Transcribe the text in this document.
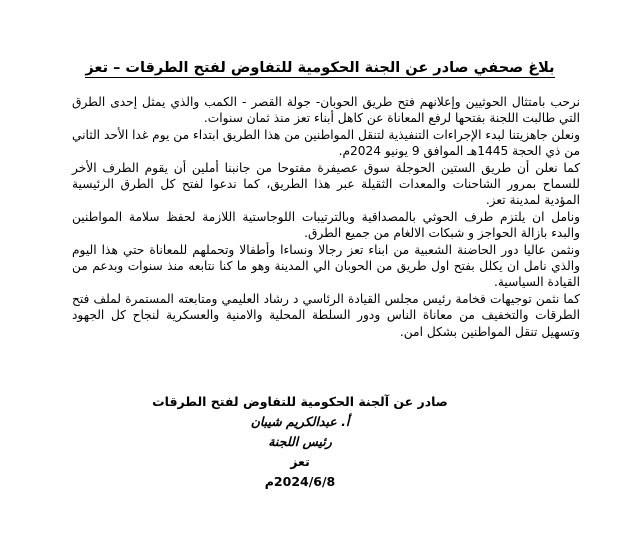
بلاغ صحفي صادر عن الجنة الحكومية للتفاوض لفتح الطرقات – تعز

نرحب بامتثال الحوثيين وإعلانهم فتح طريق الحوبان- جولة القصر - الكمب والذي يمثل إحدى الطرق التي طالبت اللجنة بفتحها لرفع المعاناة عن كاهل أبناء تعز منذ ثمان سنوات.

ونعلن جاهزيتنا لبدء الإجراءات التنفيذية لتنقل المواطنين من هذا الطريق ابتداء من يوم غدا الأحد الثاني من ذي الحجة 1445هـ الموافق 9 يونيو 2024م.

كما نعلن أن طريق الستين الحوجلة سوق عصيفرة مفتوحا من جانبنا أملين أن يقوم الطرف الأخر للسماح بمرور الشاحنات والمعدات الثقيلة عبر هذا الطريق، كما ندعوا لفتح كل الطرق الرئيسية المؤدية لمدينة تعز.

ونامل ان يلتزم طرف الحوثي بالمصداقية وبالترتيبات اللوجاستية اللازمة لحفظ سلامة المواطنين والبدء بازالة الحواجز و شبكات الالغام من جميع الطرق.

ونثمن عاليا دور الحاضنة الشعبية من ابناء تعز رجالا ونساءا وأطفالا وتحملهم للمعاناة حتي هذا اليوم والذي نامل ان يكلل بفتح اول طريق من الحوبان الي المدينة وهو ما كنا نتابعه منذ سنوات وبدعم من القيادة السياسية.

كما نثمن توجيهات فخامة رئيس مجلس القيادة الرئاسي د رشاد العليمي ومتابعته المستمرة لملف فتح الطرقات والتخفيف من معاناة الناس ودور السلطة المحلية والامنية والعسكرية لنجاح كل الجهود وتسهيل تنقل المواطنين بشكل امن.

صادر عن آلجنة الحكومية للتفاوض لفتح الطرقات
أ. عبدالكريم شيبان
رئيس اللجنة
تعز
2024/6/8م
